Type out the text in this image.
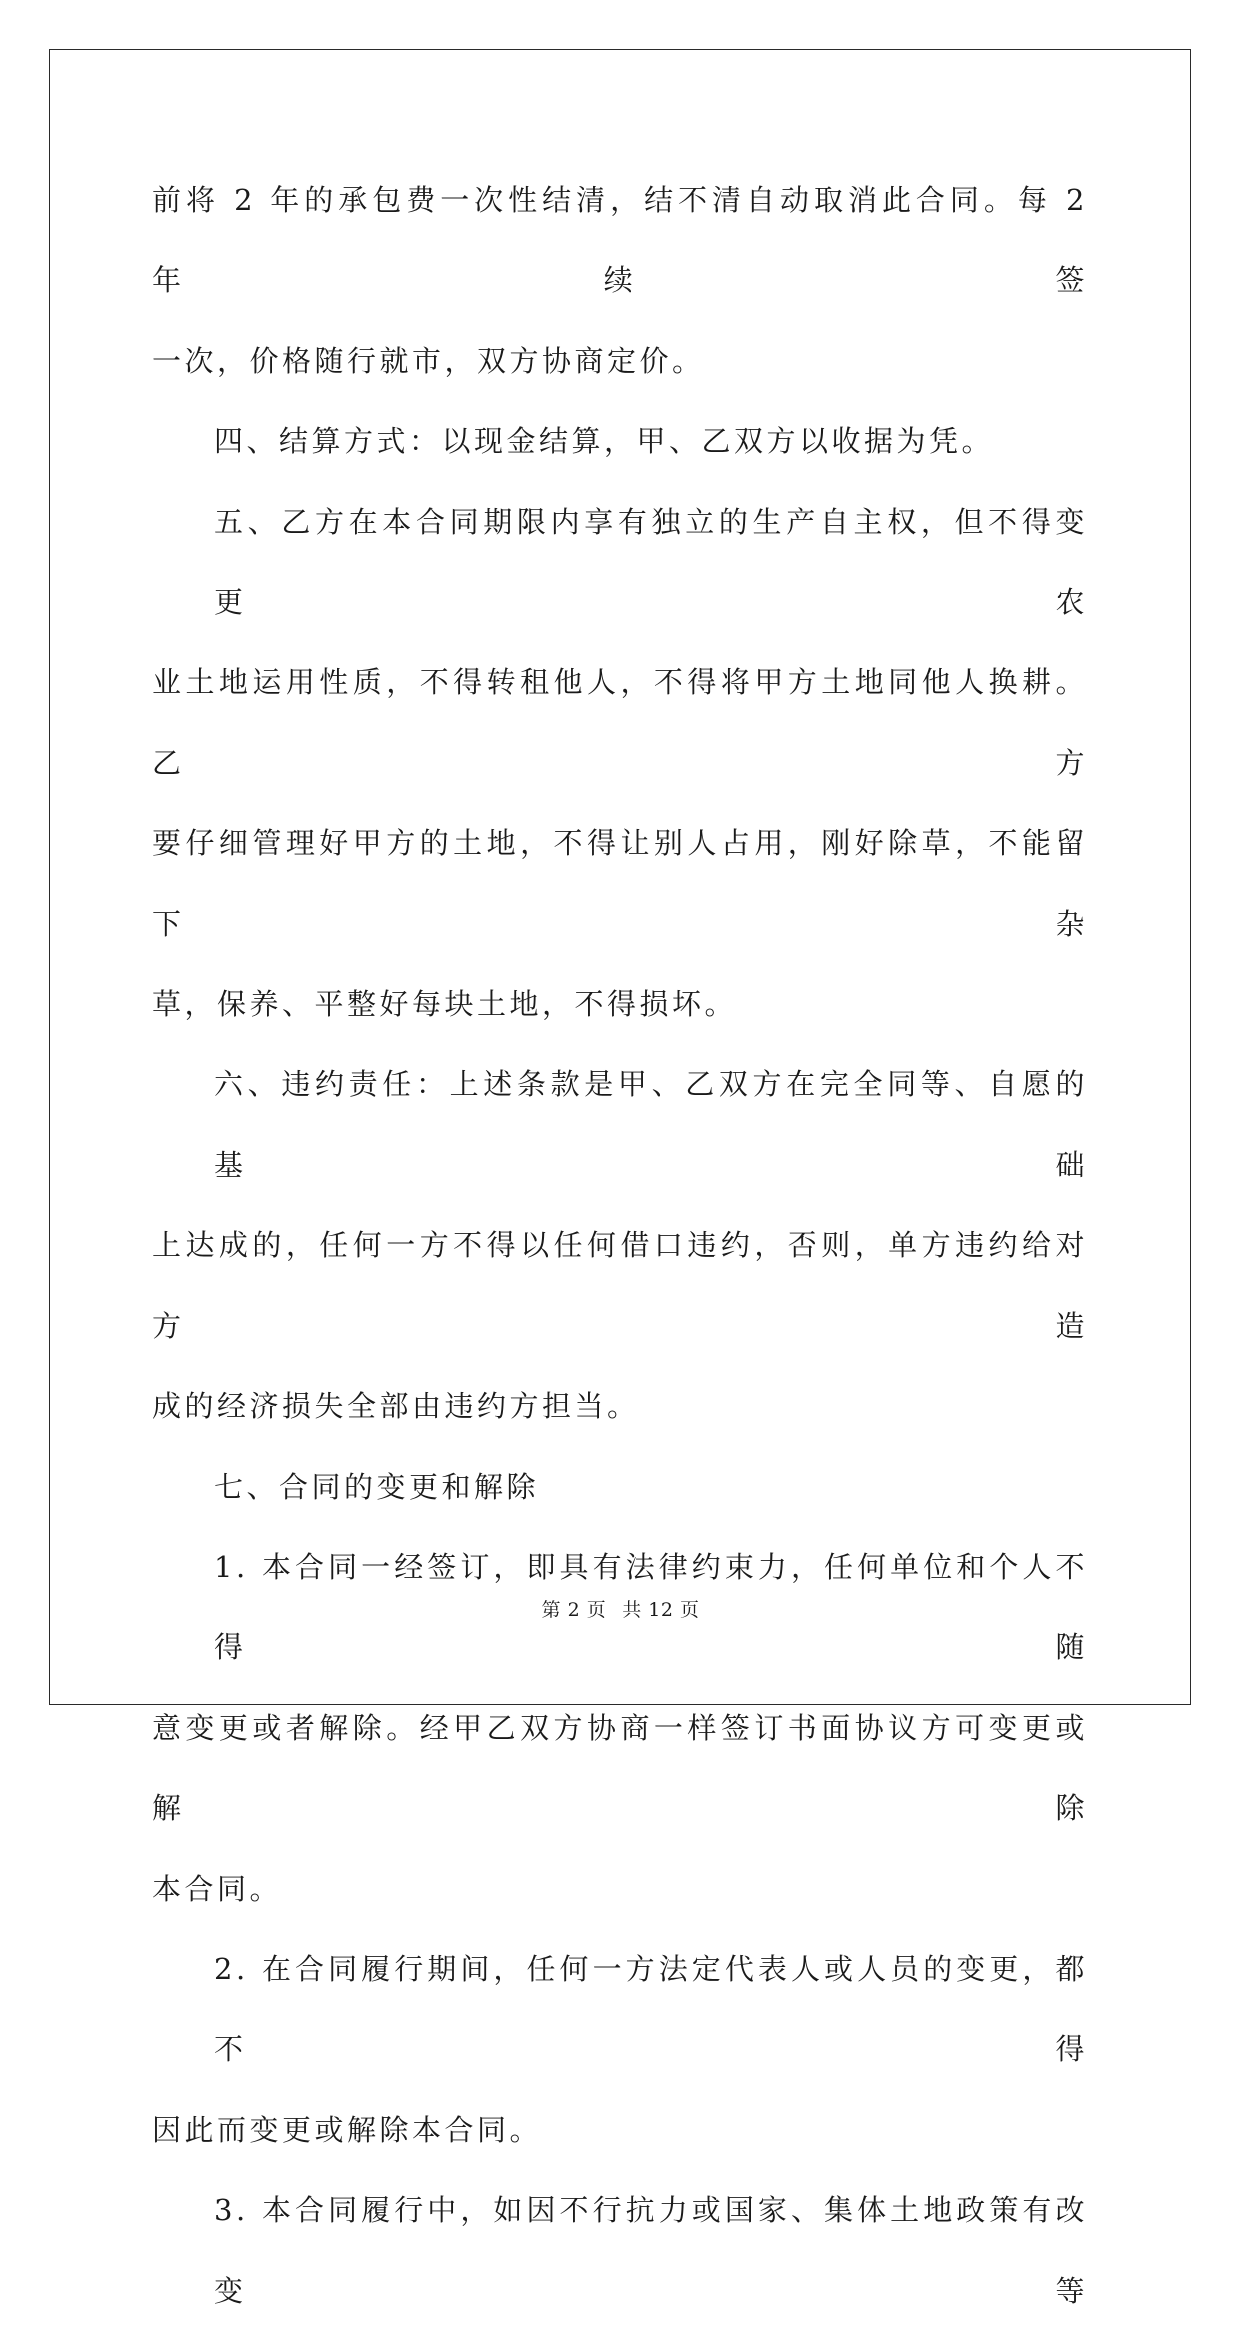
前将 2 年的承包费一次性结清，结不清自动取消此合同。每 2 年续签
一次，价格随行就市，双方协商定价。
四、结算方式：以现金结算，甲、乙双方以收据为凭。
五、乙方在本合同期限内享有独立的生产自主权，但不得变更农
业土地运用性质，不得转租他人，不得将甲方土地同他人换耕。乙方
要仔细管理好甲方的土地，不得让别人占用，刚好除草，不能留下杂
草，保养、平整好每块土地，不得损坏。
六、违约责任：上述条款是甲、乙双方在完全同等、自愿的基础
上达成的，任何一方不得以任何借口违约，否则，单方违约给对方造
成的经济损失全部由违约方担当。
七、合同的变更和解除
1. 本合同一经签订，即具有法律约束力，任何单位和个人不得随
意变更或者解除。经甲乙双方协商一样签订书面协议方可变更或解除
本合同。
2. 在合同履行期间，任何一方法定代表人或人员的变更，都不得
因此而变更或解除本合同。
3. 本合同履行中，如因不行抗力或国家、集体土地政策有改变等
第 2 页 共 12 页
